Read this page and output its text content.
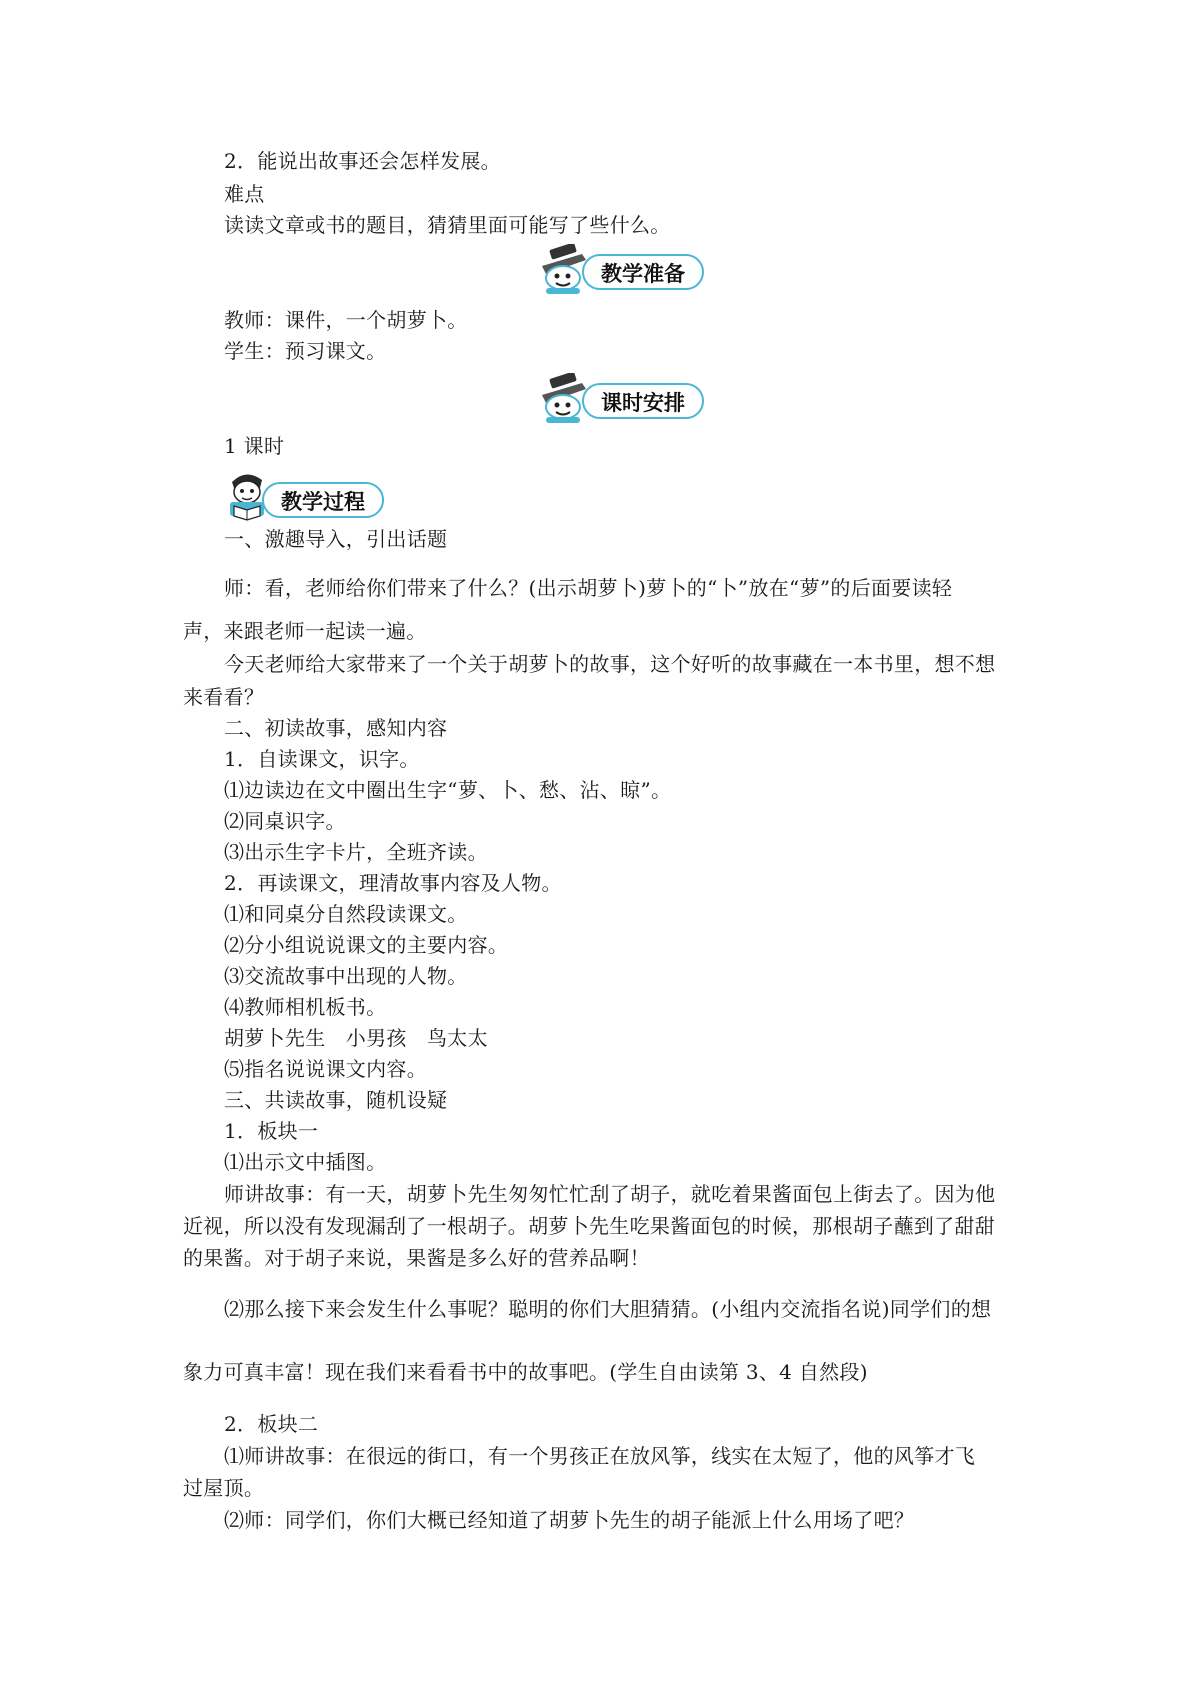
教学准备
课时安排
教学过程
2．能说出故事还会怎样发展。
难点
读读文章或书的题目，猜猜里面可能写了些什么。
教师：课件，一个胡萝卜。
学生：预习课文。
1 课时
一、激趣导入，引出话题
师：看，老师给你们带来了什么？(出示胡萝卜)萝卜的“卜”放在“萝”的后面要读轻
声，来跟老师一起读一遍。
今天老师给大家带来了一个关于胡萝卜的故事，这个好听的故事藏在一本书里，想不想
来看看？
二、初读故事，感知内容
1．自读课文，识字。
⑴边读边在文中圈出生字“萝、卜、愁、沾、晾”。
⑵同桌识字。
⑶出示生字卡片，全班齐读。
2．再读课文，理清故事内容及人物。
⑴和同桌分自然段读课文。
⑵分小组说说课文的主要内容。
⑶交流故事中出现的人物。
⑷教师相机板书。
胡萝卜先生　小男孩　鸟太太
⑸指名说说课文内容。
三、共读故事，随机设疑
1．板块一
⑴出示文中插图。
师讲故事：有一天，胡萝卜先生匆匆忙忙刮了胡子，就吃着果酱面包上街去了。因为他
近视，所以没有发现漏刮了一根胡子。胡萝卜先生吃果酱面包的时候，那根胡子蘸到了甜甜
的果酱。对于胡子来说，果酱是多么好的营养品啊！
⑵那么接下来会发生什么事呢？聪明的你们大胆猜猜。(小组内交流指名说)同学们的想
象力可真丰富！现在我们来看看书中的故事吧。(学生自由读第 3、4 自然段)
2．板块二
⑴师讲故事：在很远的街口，有一个男孩正在放风筝，线实在太短了，他的风筝才飞
过屋顶。
⑵师：同学们，你们大概已经知道了胡萝卜先生的胡子能派上什么用场了吧？
